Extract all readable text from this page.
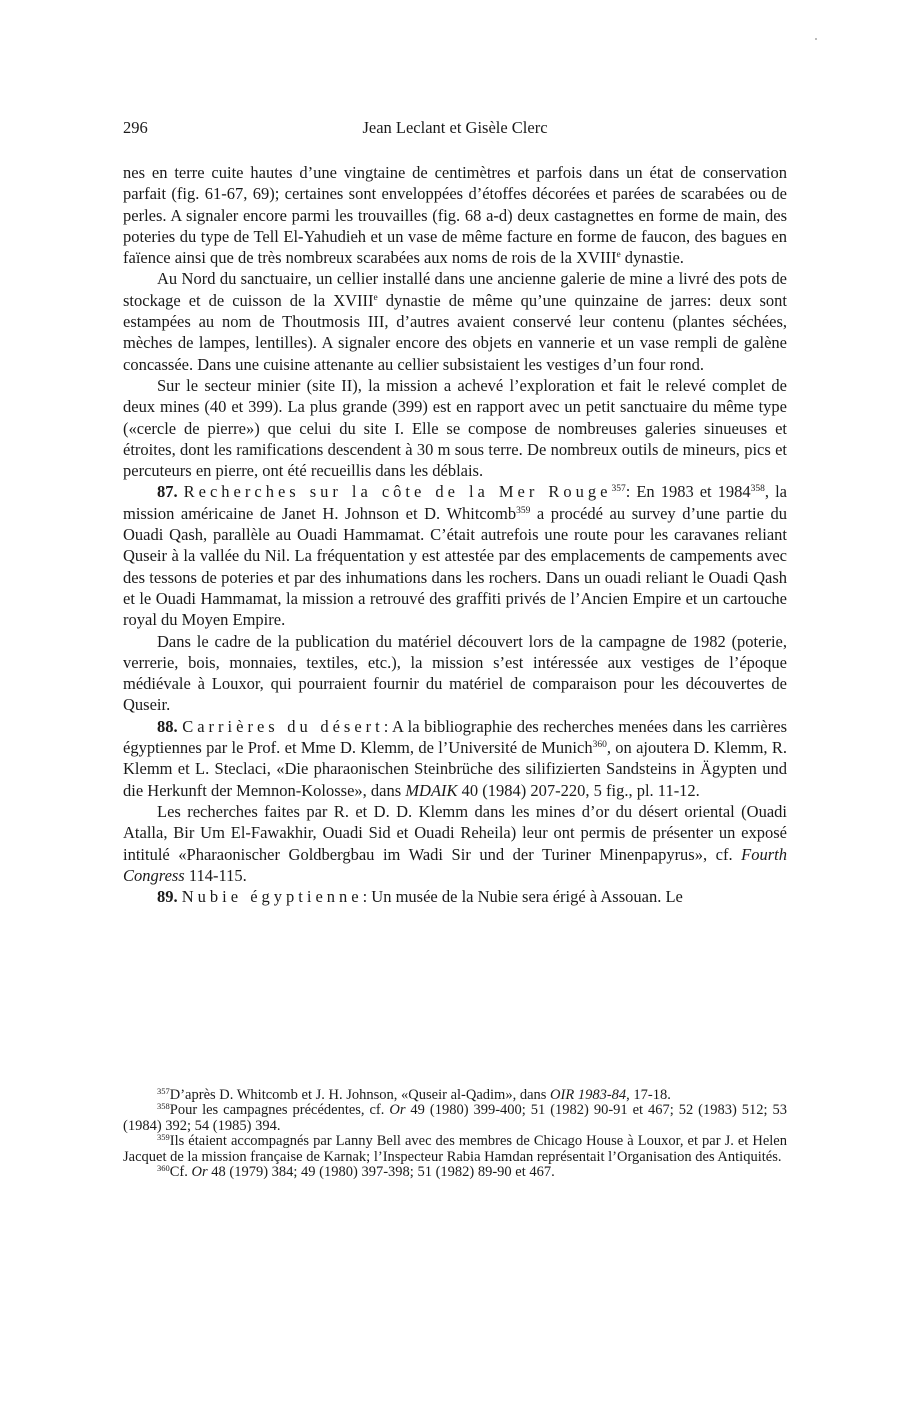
296	Jean Leclant et Gisèle Clerc

nes en terre cuite hautes d’une vingtaine de centimètres et parfois dans un état de conservation parfait (fig. 61-67, 69); certaines sont enveloppées d’étoffes décorées et parées de scarabées ou de perles. A signaler encore parmi les trouvailles (fig. 68 a-d) deux castagnettes en forme de main, des poteries du type de Tell El-Yahudieh et un vase de même facture en forme de faucon, des bagues en faïence ainsi que de très nombreux scarabées aux noms de rois de la XVIIIe dynastie.

Au Nord du sanctuaire, un cellier installé dans une ancienne galerie de mine a livré des pots de stockage et de cuisson de la XVIIIe dynastie de même qu’une quinzaine de jarres: deux sont estampées au nom de Thoutmosis III, d’autres avaient conservé leur contenu (plantes séchées, mèches de lampes, lentilles). A signaler encore des objets en vannerie et un vase rempli de galène concassée. Dans une cuisine attenante au cellier subsistaient les vestiges d’un four rond.

Sur le secteur minier (site II), la mission a achevé l’exploration et fait le relevé complet de deux mines (40 et 399). La plus grande (399) est en rapport avec un petit sanctuaire du même type («cercle de pierre») que celui du site I. Elle se compose de nombreuses galeries sinueuses et étroites, dont les ramifications descendent à 30 m sous terre. De nombreux outils de mineurs, pics et percuteurs en pierre, ont été recueillis dans les déblais.

87. Recherches sur la côte de la Mer Rouge$^{357}$: En 1983 et 1984$^{358}$, la mission américaine de Janet H. Johnson et D. Whitcomb$^{359}$ a procédé au survey d’une partie du Ouadi Qash, parallèle au Ouadi Hammamat. C’était autrefois une route pour les caravanes reliant Quseir à la vallée du Nil. La fréquentation y est attestée par des emplacements de campements avec des tessons de poteries et par des inhumations dans les rochers. Dans un ouadi reliant le Ouadi Qash et le Ouadi Hammamat, la mission a retrouvé des graffiti privés de l’Ancien Empire et un cartouche royal du Moyen Empire.

Dans le cadre de la publication du matériel découvert lors de la campagne de 1982 (poterie, verrerie, bois, monnaies, textiles, etc.), la mission s’est intéressée aux vestiges de l’époque médiévale à Louxor, qui pourraient fournir du matériel de comparaison pour les découvertes de Quseir.

88. Carrières du désert: A la bibliographie des recherches menées dans les carrières égyptiennes par le Prof. et Mme D. Klemm, de l’Université de Munich$^{360}$, on ajoutera D. Klemm, R. Klemm et L. Steclaci, «Die pharaonischen Steinbrüche des silifizierten Sandsteins in Ägypten und die Herkunft der Memnon-Kolosse», dans MDAIK 40 (1984) 207-220, 5 fig., pl. 11-12.

Les recherches faites par R. et D. D. Klemm dans les mines d’or du désert oriental (Ouadi Atalla, Bir Um El-Fawakhir, Ouadi Sid et Ouadi Reheila) leur ont permis de présenter un exposé intitulé «Pharaonischer Goldbergbau im Wadi Sir und der Turiner Minenpapyrus», cf. Fourth Congress 114-115.

89. Nubie égyptienne: Un musée de la Nubie sera érigé à Assouan. Le

$^{357}$D’après D. Whitcomb et J. H. Johnson, «Quseir al-Qadim», dans OIR 1983-84, 17-18.

$^{358}$Pour les campagnes précédentes, cf. Or 49 (1980) 399-400; 51 (1982) 90-91 et 467; 52 (1983) 512; 53 (1984) 392; 54 (1985) 394.

$^{359}$Ils étaient accompagnés par Lanny Bell avec des membres de Chicago House à Louxor, et par J. et Helen Jacquet de la mission française de Karnak; l’Inspecteur Rabia Hamdan représentait l’Organisation des Antiquités.

$^{360}$Cf. Or 48 (1979) 384; 49 (1980) 397-398; 51 (1982) 89-90 et 467.
